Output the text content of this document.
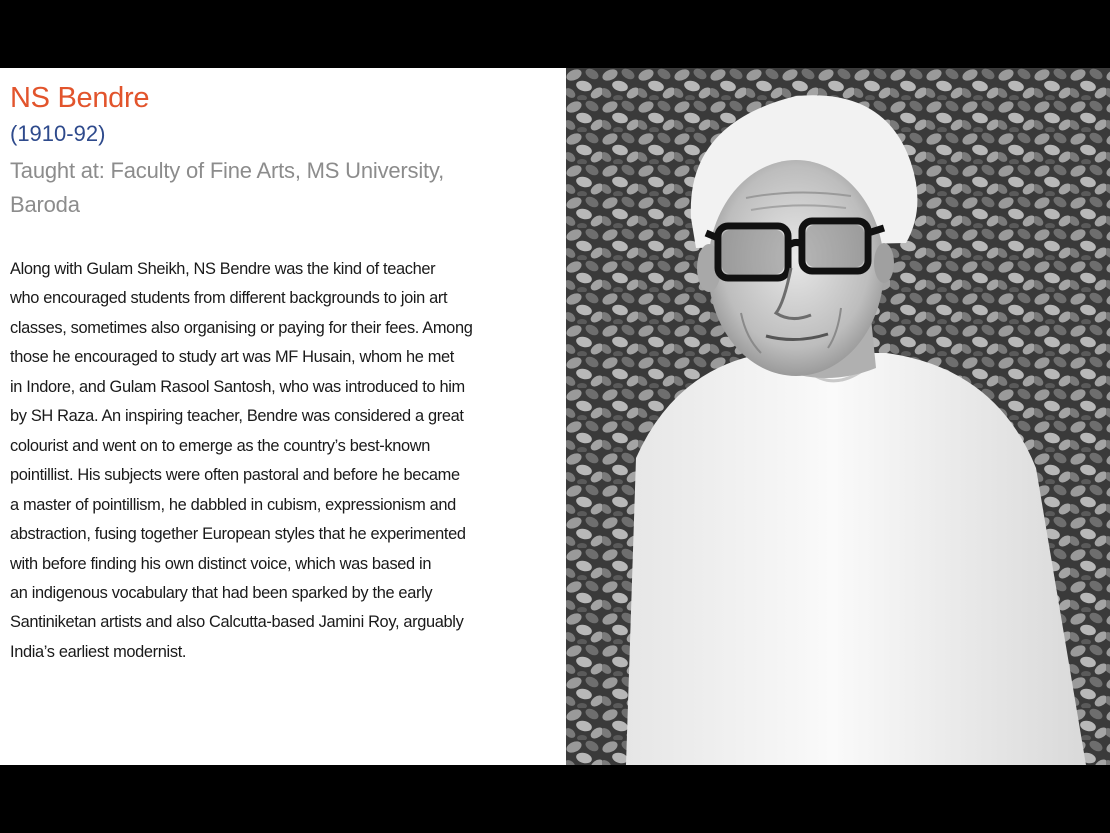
NS Bendre
(1910-92)
Taught at: Faculty of Fine Arts, MS University,
Baroda
Along with Gulam Sheikh, NS Bendre was the kind of teacher
who encouraged students from different backgrounds to join art
classes, sometimes also organising or paying for their fees. Among
those he encouraged to study art was MF Husain, whom he met
in Indore, and Gulam Rasool Santosh, who was introduced to him
by SH Raza. An inspiring teacher, Bendre was considered a great
colourist and went on to emerge as the country’s best-known
pointillist. His subjects were often pastoral and before he became
a master of pointillism, he dabbled in cubism, expressionism and
abstraction, fusing together European styles that he experimented
with before finding his own distinct voice, which was based in
an indigenous vocabulary that had been sparked by the early
Santiniketan artists and also Calcutta-based Jamini Roy, arguably
India’s earliest modernist.
